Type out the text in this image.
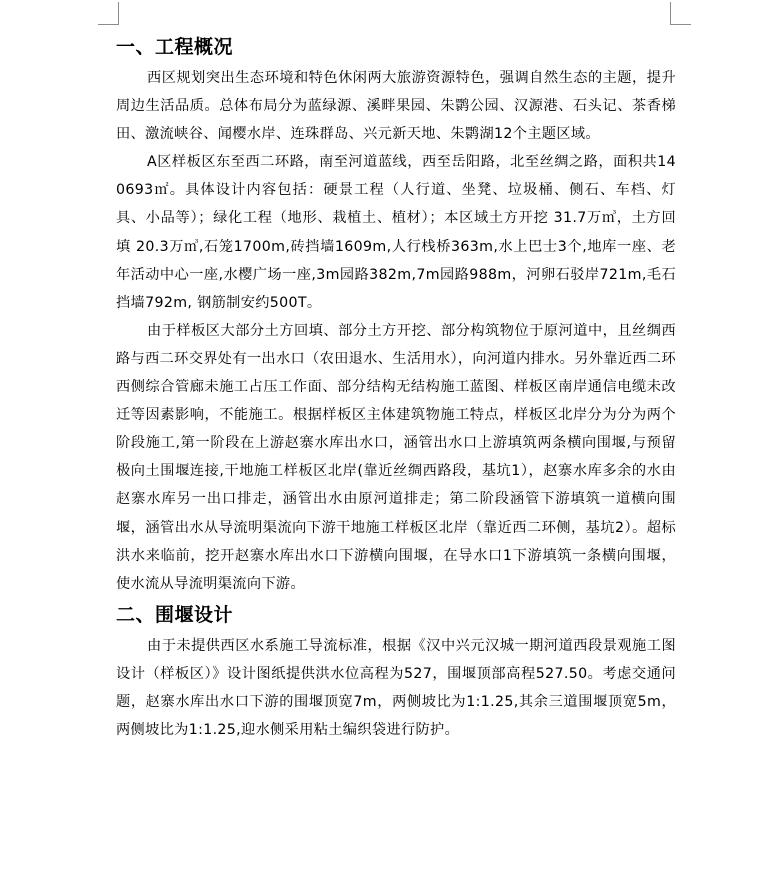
一、工程概况

西区规划突出生态环境和特色休闲两大旅游资源特色，强调自然生态的主题，提升周边生活品质。总体布局分为蓝绿源、溪畔果园、朱鹮公园、汉源港、石头记、茶香梯田、激流峡谷、闻樱水岸、连珠群岛、兴元新天地、朱鹮湖12个主题区域。

A区样板区东至西二环路，南至河道蓝线，西至岳阳路，北至丝绸之路，面积共140693㎡。具体设计内容包括：硬景工程（人行道、坐凳、垃圾桶、侧石、车档、灯具、小品等）；绿化工程（地形、栽植土、植材）；本区域土方开挖 31.7万㎥，土方回填 20.3万㎥,石笼1700m,砖挡墙1609m,人行栈桥363m,水上巴士3个,地库一座、老年活动中心一座,水樱广场一座,3m园路382m,7m园路988m，河卵石驳岸721m,毛石挡墙792m, 钢筋制安约500T。

由于样板区大部分土方回填、部分土方开挖、部分构筑物位于原河道中，且丝绸西路与西二环交界处有一出水口（农田退水、生活用水），向河道内排水。另外靠近西二环西侧综合管廊未施工占压工作面、部分结构无结构施工蓝图、样板区南岸通信电缆未改迁等因素影响，不能施工。根据样板区主体建筑物施工特点，样板区北岸分为分为两个阶段施工,第一阶段在上游赵寨水库出水口，涵管出水口上游填筑两条横向围堰,与预留极向土围堰连接,干地施工样板区北岸(靠近丝绸西路段，基坑1），赵寨水库多余的水由赵寨水库另一出口排走，涵管出水由原河道排走；第二阶段涵管下游填筑一道横向围堰，涵管出水从导流明渠流向下游干地施工样板区北岸（靠近西二环侧，基坑2）。超标洪水来临前，挖开赵寨水库出水口下游横向围堰，在导水口1下游填筑一条横向围堰，使水流从导流明渠流向下游。

二、围堰设计

由于未提供西区水系施工导流标准，根据《汉中兴元汉城一期河道西段景观施工图设计（样板区）》设计图纸提供洪水位高程为527，围堰顶部高程527.50。考虑交通问题，赵寨水库出水口下游的围堰顶宽7m，两侧坡比为1:1.25,其余三道围堰顶宽5m，两侧坡比为1:1.25,迎水侧采用粘土编织袋进行防护。
